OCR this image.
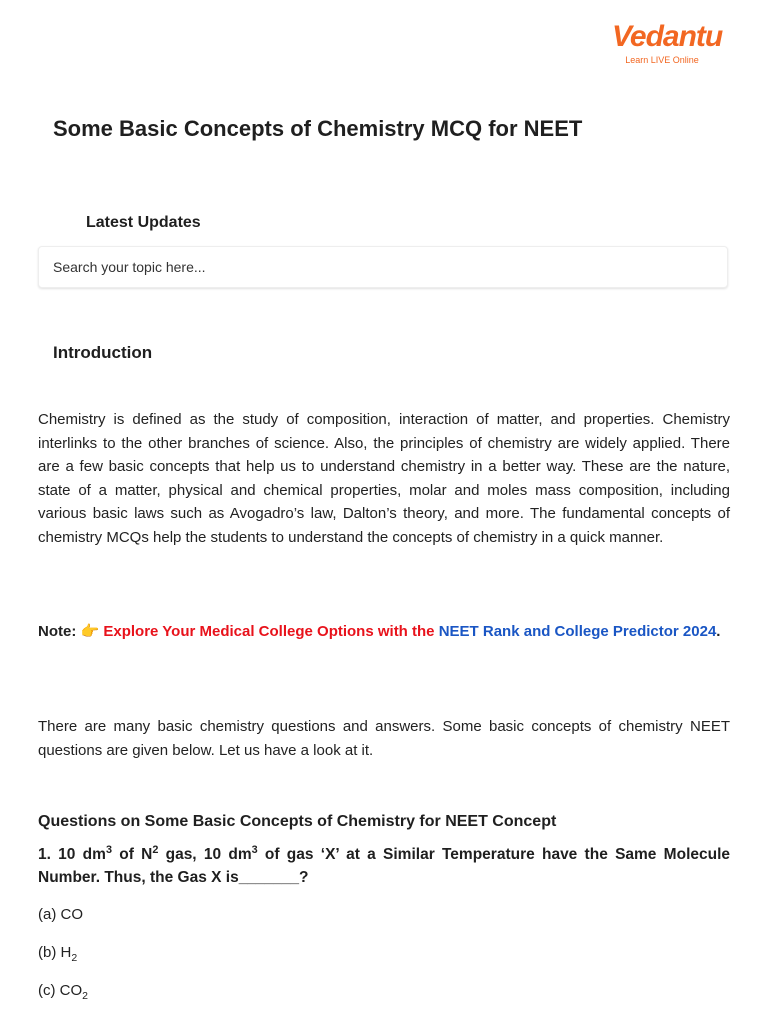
Vedantu
Learn LIVE Online
Some Basic Concepts of Chemistry MCQ for NEET
Latest Updates
Search your topic here...
Introduction

Chemistry is defined as the study of composition, interaction of matter, and properties. Chemistry interlinks to the other branches of science. Also, the principles of chemistry are widely applied. There are a few basic concepts that help us to understand chemistry in a better way. These are the nature, state of a matter, physical and chemical properties, molar and moles mass composition, including various basic laws such as Avogadro’s law, Dalton’s theory, and more. The fundamental concepts of chemistry MCQs help the students to understand the concepts of chemistry in a quick manner.

Note: 👉 Explore Your Medical College Options with the NEET Rank and College Predictor 2024.

There are many basic chemistry questions and answers. Some basic concepts of chemistry NEET questions are given below. Let us have a look at it.

Questions on Some Basic Concepts of Chemistry for NEET Concept

1. 10 $dm^3$ of $N^2$ gas, 10 $dm^3$ of gas ‘X’ at a Similar Temperature have the Same Molecule Number. Thus, the Gas X is_______?

(a) CO

(b) $H_2$

(c) $CO_2$
